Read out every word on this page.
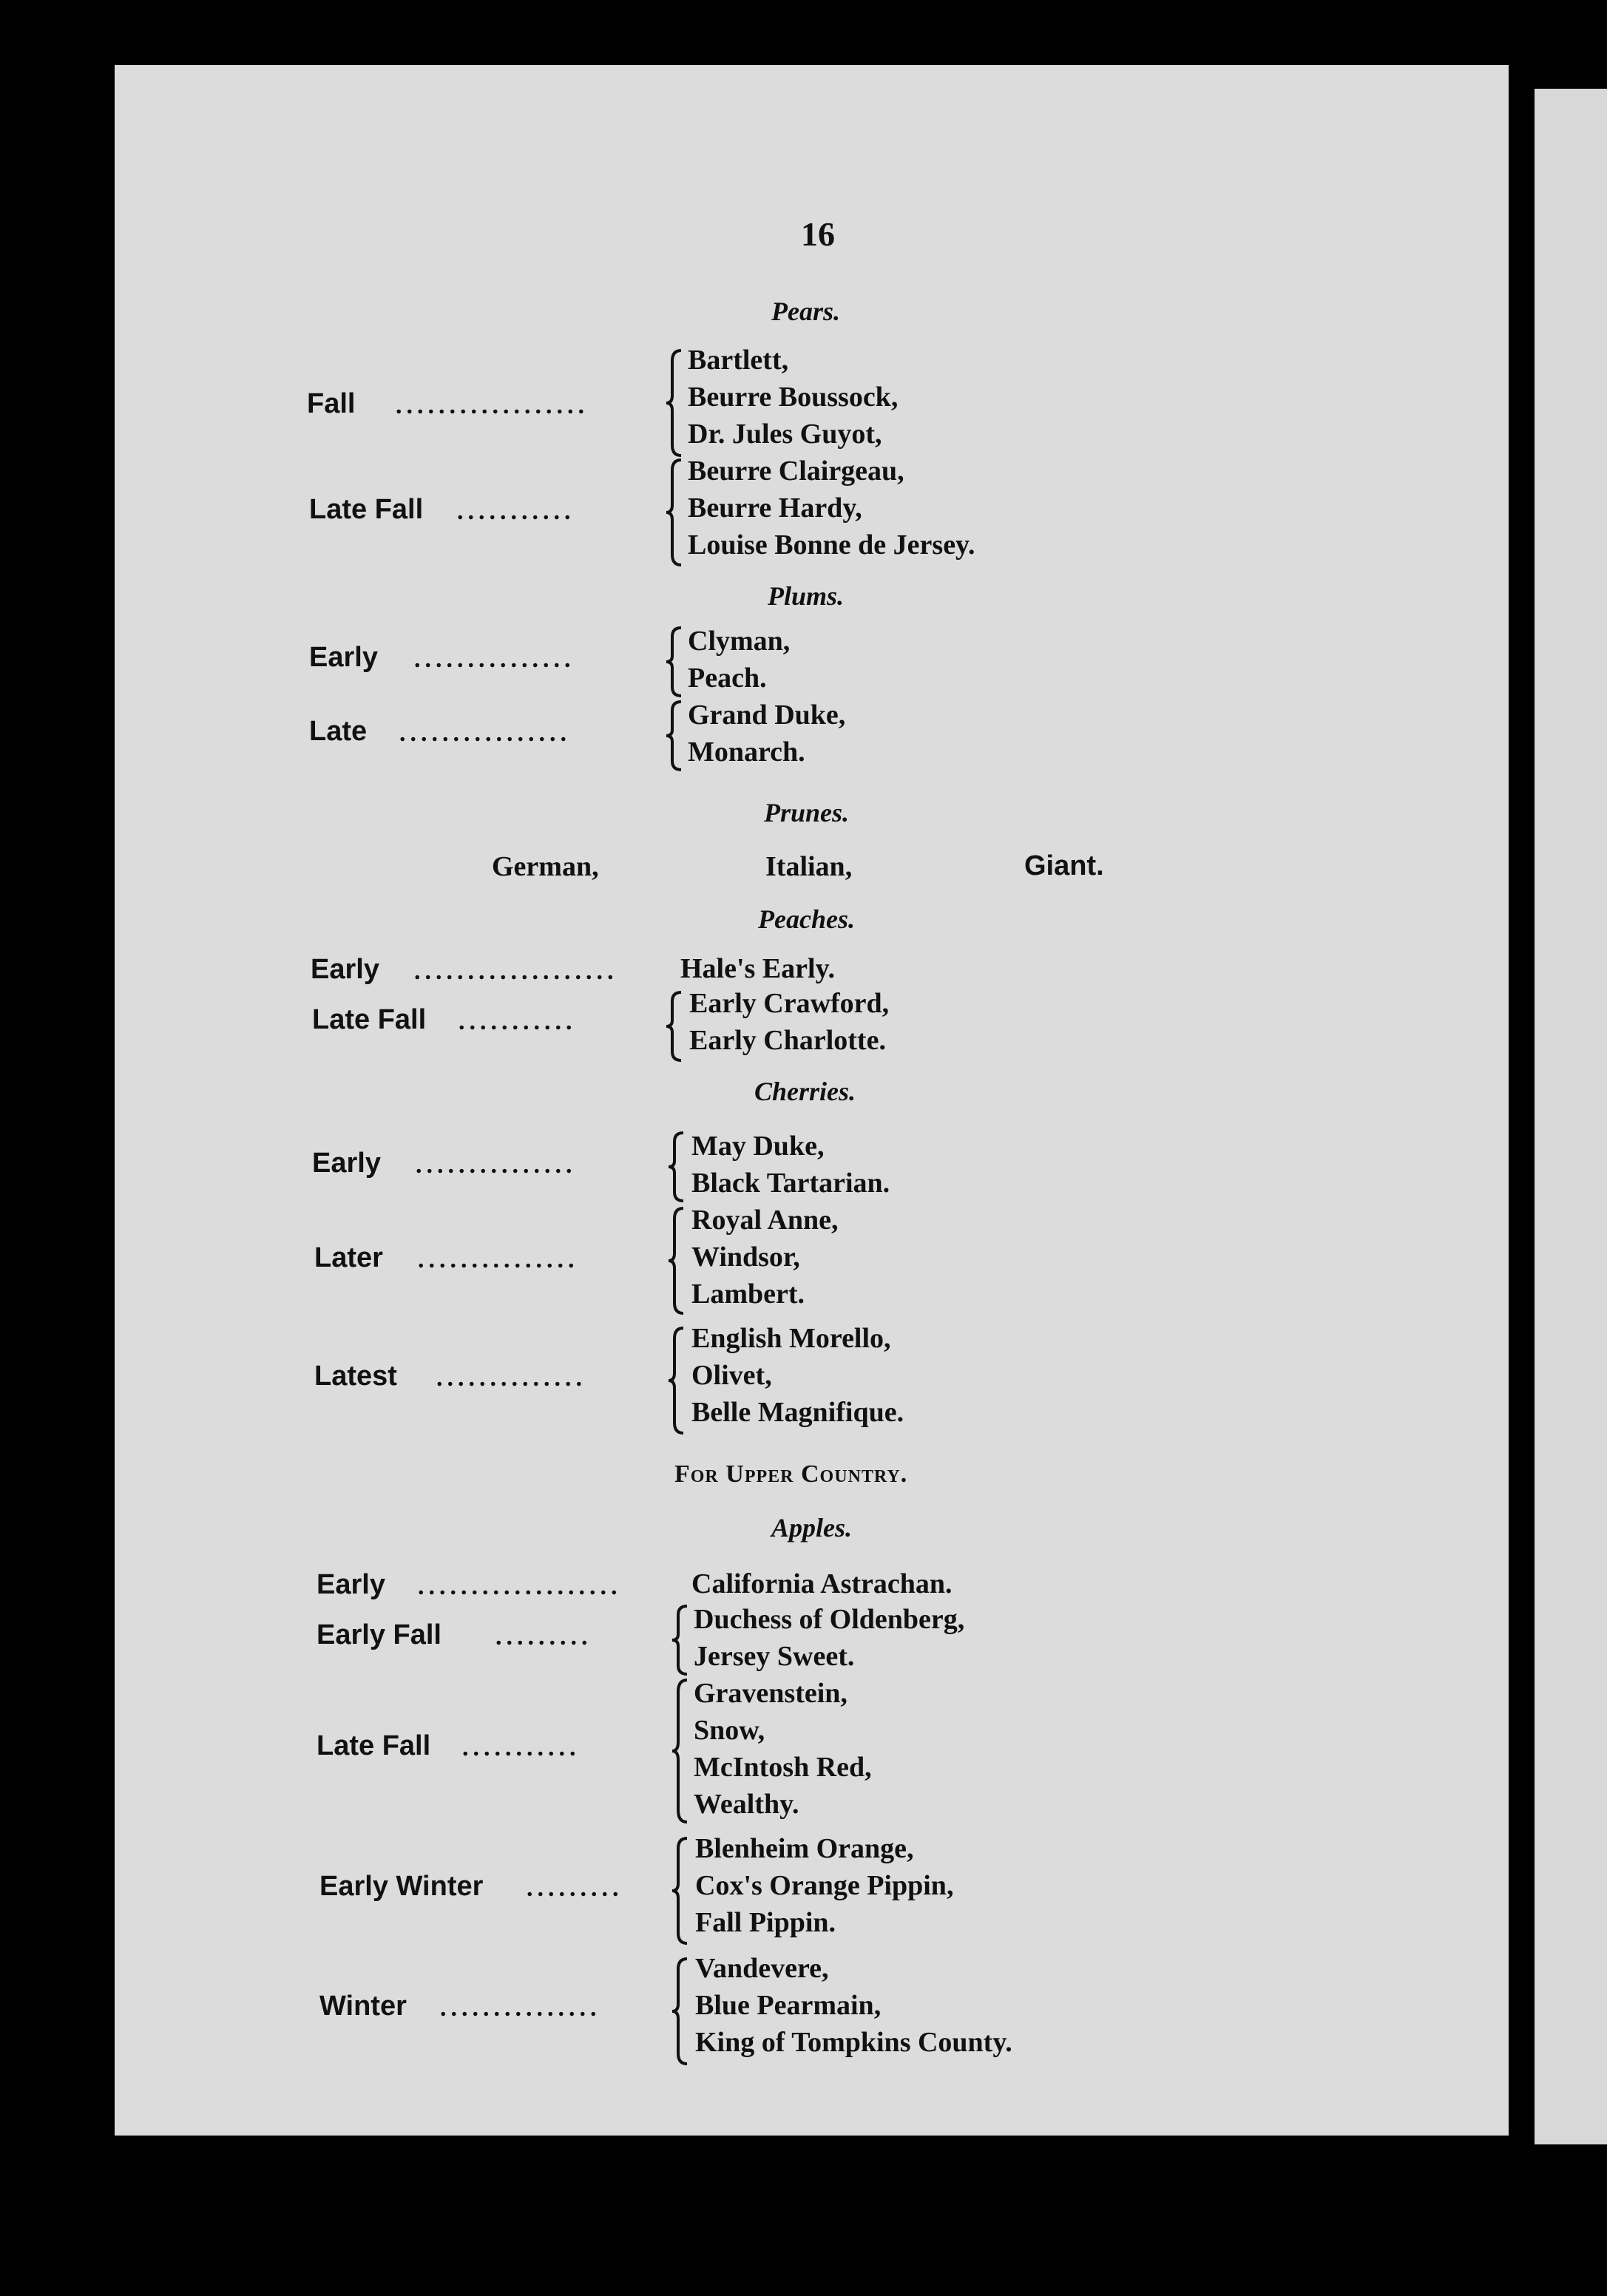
16
Pears.
Fall ..................
Bartlett,
Beurre Boussock,
Dr. Jules Guyot,
Late Fall ...........
Beurre Clairgeau,
Beurre Hardy,
Louise Bonne de Jersey.
Plums.
Early ...............
Clyman,
Peach.
Late ................
Grand Duke,
Monarch.
Prunes.
German,	Italian,	Giant.
Peaches.
Early ................... Hale's Early.
Late Fall ...........
Early Crawford,
Early Charlotte.
Cherries.
Early ...............
May Duke,
Black Tartarian.
Later ...............
Royal Anne,
Windsor,
Lambert.
Latest ..............
English Morello,
Olivet,
Belle Magnifique.
For Upper Country.
Apples.
Early ................... California Astrachan.
Early Fall .........
Duchess of Oldenberg,
Jersey Sweet.
Late Fall ...........
Gravenstein,
Snow,
McIntosh Red,
Wealthy.
Early Winter .........
Blenheim Orange,
Cox's Orange Pippin,
Fall Pippin.
Winter ...............
Vandevere,
Blue Pearmain,
King of Tompkins County.
